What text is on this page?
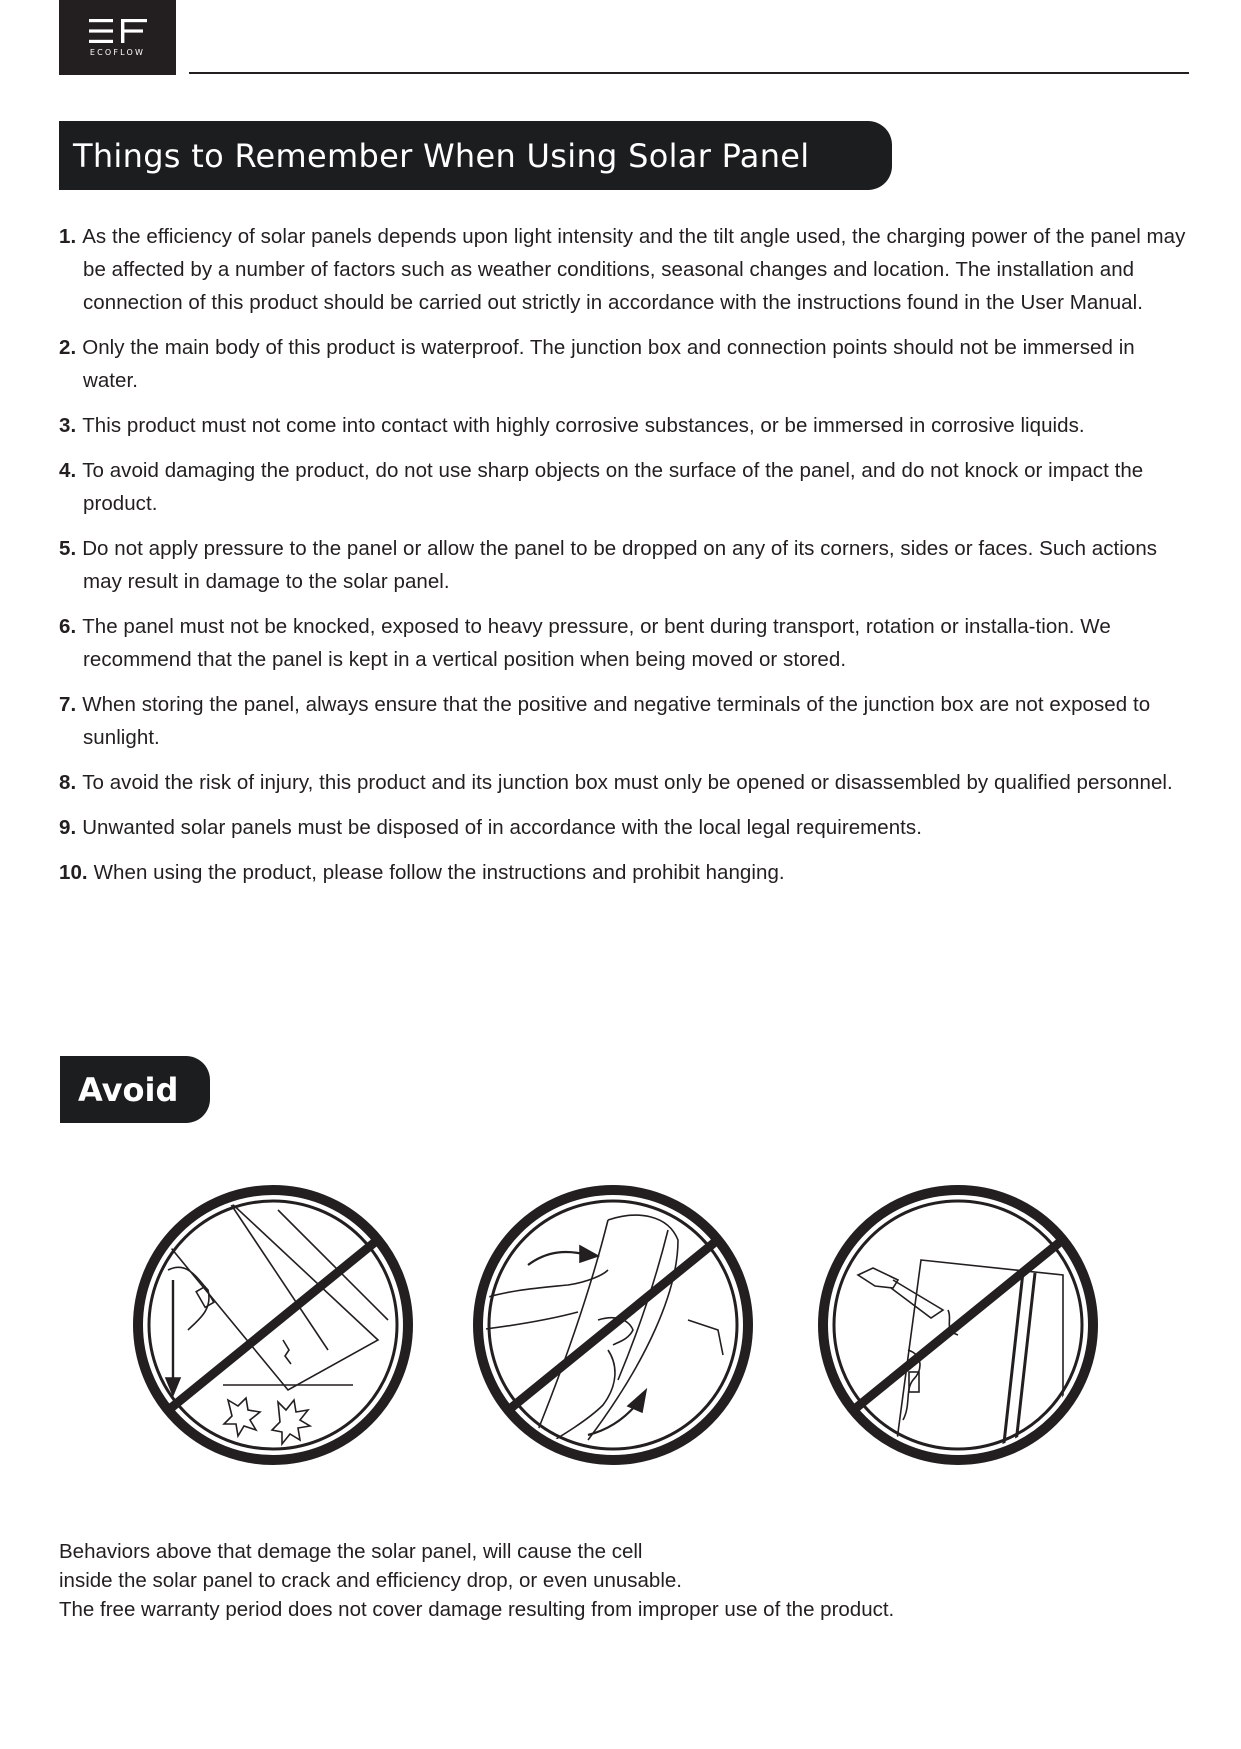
ECOFLOW
Things to Remember When Using Solar Panel
1. As the efficiency of solar panels depends upon light intensity and the tilt angle used, the charging power of the panel may be affected by a number of factors such as weather conditions, seasonal changes and location. The installation and connection of this product should be carried out strictly in accordance with the instructions found in the User Manual.
2. Only the main body of this product is waterproof. The junction box and connection points should not be immersed in water.
3. This product must not come into contact with highly corrosive substances, or be immersed in corrosive liquids.
4. To avoid damaging the product, do not use sharp objects on the surface of the panel, and do not knock or impact the product.
5. Do not apply pressure to the panel or allow the panel to be dropped on any of its corners, sides or faces. Such actions may result in damage to the solar panel.
6. The panel must not be knocked, exposed to heavy pressure, or bent during transport, rotation or installa-tion. We recommend that the panel is kept in a vertical position when being moved or stored.
7. When storing the panel, always ensure that the positive and negative terminals of the junction box are not exposed to sunlight.
8. To avoid the risk of injury, this product and its junction box must only be opened or disassembled by qualified personnel.
9. Unwanted solar panels must be disposed of in accordance with the local legal requirements.
10. When using the product, please follow the instructions and prohibit hanging.
Avoid
Behaviors above that demage the solar panel, will cause the cell
inside the solar panel to crack and efficiency drop, or even unusable.
The free warranty period does not cover damage resulting from improper use of the product.
